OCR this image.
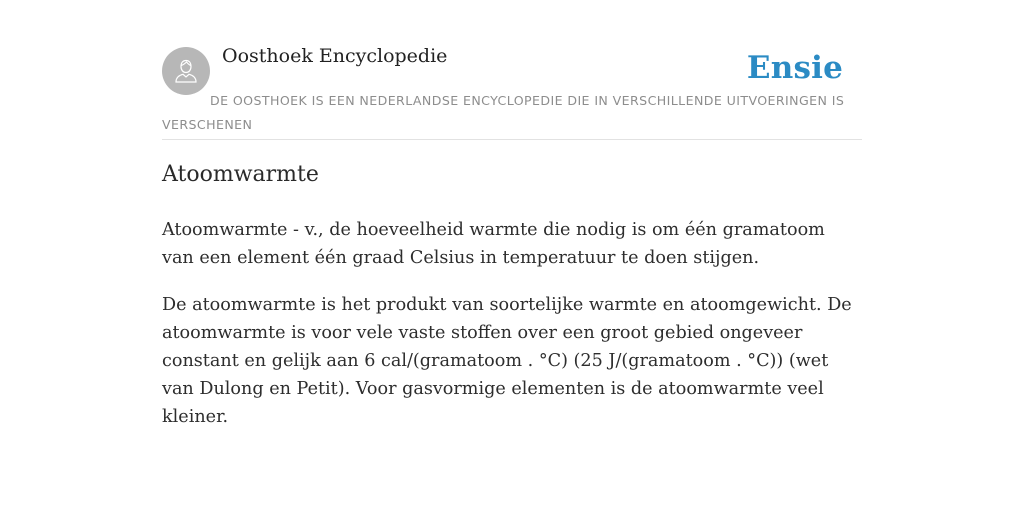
Oosthoek Encyclopedie	Ensie
DE OOSTHOEK IS EEN NEDERLANDSE ENCYCLOPEDIE DIE IN VERSCHILLENDE UITVOERINGEN IS VERSCHENEN
Atoomwarmte

Atoomwarmte - v., de hoeveelheid warmte die nodig is om één gramatoom van een element één graad Celsius in temperatuur te doen stijgen.

De atoomwarmte is het produkt van soortelijke warmte en atoomgewicht. De atoomwarmte is voor vele vaste stoffen over een groot gebied ongeveer constant en gelijk aan 6 cal/(gramatoom . °C) (25 J/(gramatoom . °C)) (wet van Dulong en Petit). Voor gasvormige elementen is de atoomwarmte veel kleiner.
